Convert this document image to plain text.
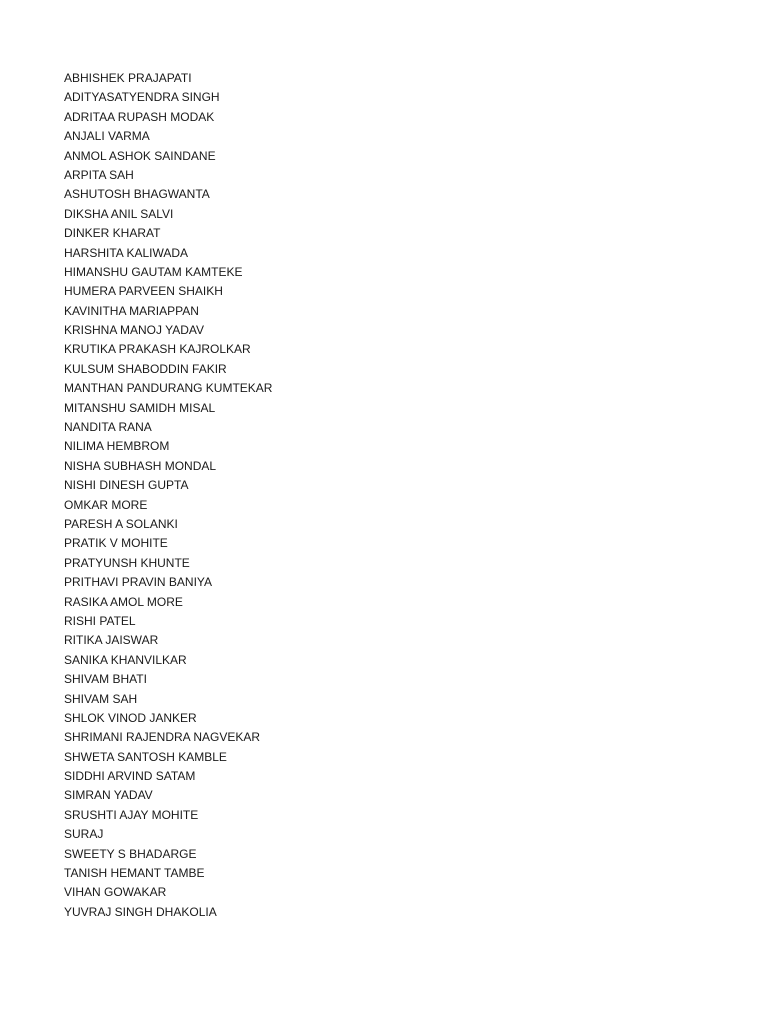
ABHISHEK PRAJAPATI
ADITYASATYENDRA SINGH
ADRITAA RUPASH MODAK
ANJALI VARMA
ANMOL ASHOK SAINDANE
ARPITA SAH
ASHUTOSH BHAGWANTA
DIKSHA ANIL SALVI
DINKER KHARAT
HARSHITA KALIWADA
HIMANSHU GAUTAM KAMTEKE
HUMERA PARVEEN SHAIKH
KAVINITHA MARIAPPAN
KRISHNA MANOJ YADAV
KRUTIKA PRAKASH KAJROLKAR
KULSUM SHABODDIN FAKIR
MANTHAN PANDURANG KUMTEKAR
MITANSHU SAMIDH MISAL
NANDITA RANA
NILIMA HEMBROM
NISHA SUBHASH MONDAL
NISHI DINESH GUPTA
OMKAR MORE
PARESH A SOLANKI
PRATIK V MOHITE
PRATYUNSH KHUNTE
PRITHAVI PRAVIN BANIYA
RASIKA AMOL MORE
RISHI PATEL
RITIKA JAISWAR
SANIKA KHANVILKAR
SHIVAM BHATI
SHIVAM SAH
SHLOK VINOD JANKER
SHRIMANI RAJENDRA NAGVEKAR
SHWETA SANTOSH KAMBLE
SIDDHI ARVIND SATAM
SIMRAN YADAV
SRUSHTI AJAY MOHITE
SURAJ
SWEETY S BHADARGE
TANISH HEMANT TAMBE
VIHAN GOWAKAR
YUVRAJ SINGH DHAKOLIA
